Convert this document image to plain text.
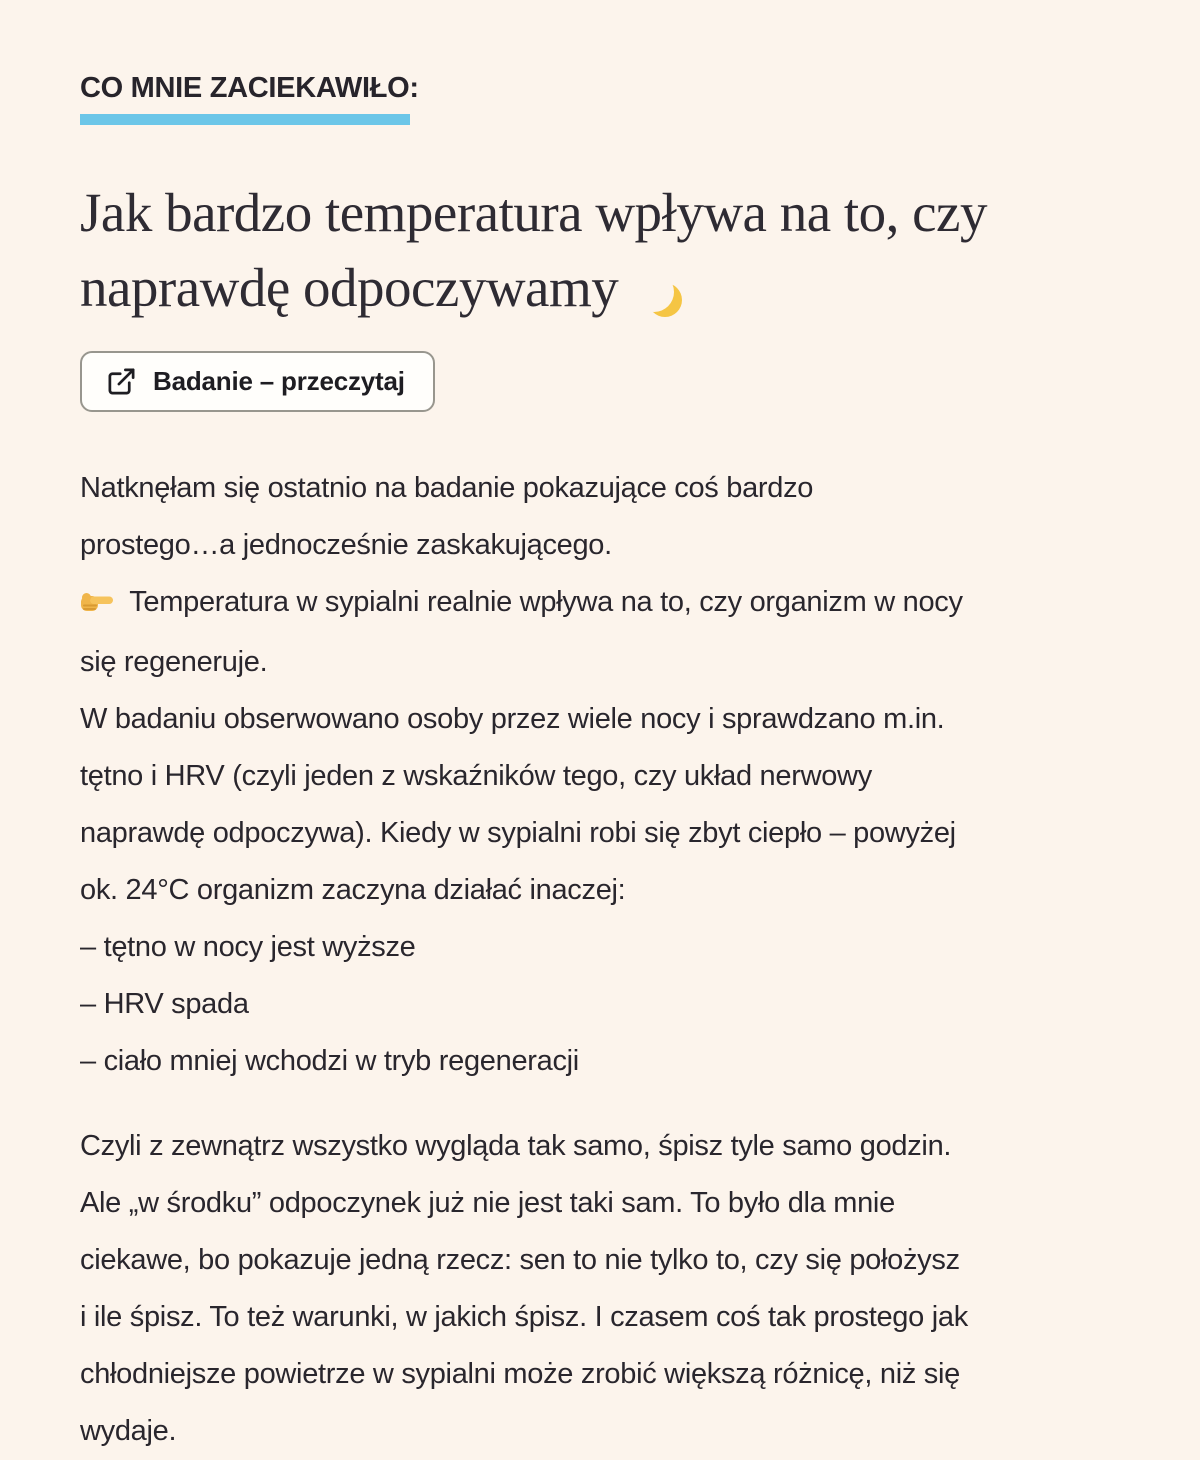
CO MNIE ZACIEKAWIŁO:
Jak bardzo temperatura wpływa na to, czy
naprawdę odpoczywamy
Badanie – przeczytaj

Natknęłam się ostatnio na badanie pokazujące coś bardzo
prostego…a jednocześnie zaskakującego.
Temperatura w sypialni realnie wpływa na to, czy organizm w nocy
się regeneruje.
W badaniu obserwowano osoby przez wiele nocy i sprawdzano m.in.
tętno i HRV (czyli jeden z wskaźników tego, czy układ nerwowy
naprawdę odpoczywa). Kiedy w sypialni robi się zbyt ciepło – powyżej
ok. 24°C organizm zaczyna działać inaczej:
– tętno w nocy jest wyższe
– HRV spada
– ciało mniej wchodzi w tryb regeneracji

Czyli z zewnątrz wszystko wygląda tak samo, śpisz tyle samo godzin.
Ale „w środku” odpoczynek już nie jest taki sam. To było dla mnie
ciekawe, bo pokazuje jedną rzecz: sen to nie tylko to, czy się położysz
i ile śpisz. To też warunki, w jakich śpisz. I czasem coś tak prostego jak
chłodniejsze powietrze w sypialni może zrobić większą różnicę, niż się
wydaje.
